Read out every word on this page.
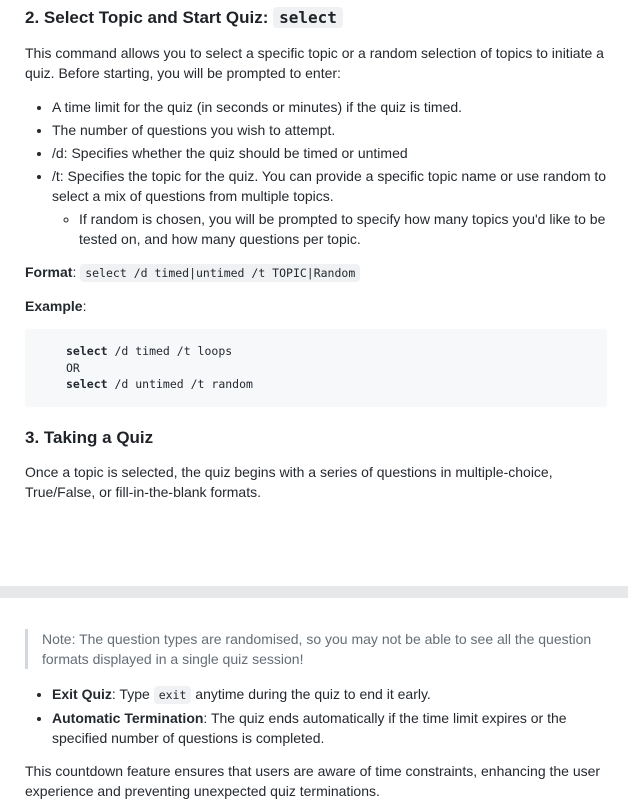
2. Select Topic and Start Quiz: select

This command allows you to select a specific topic or a random selection of topics to initiate a quiz. Before starting, you will be prompted to enter:

• A time limit for the quiz (in seconds or minutes) if the quiz is timed.
• The number of questions you wish to attempt.
• /d: Specifies whether the quiz should be timed or untimed
• /t: Specifies the topic for the quiz. You can provide a specific topic name or use random to select a mix of questions from multiple topics.
◦ If random is chosen, you will be prompted to specify how many topics you'd like to be tested on, and how many questions per topic.

Format: select /d timed|untimed /t TOPIC|Random

Example:

select /d timed /t loops
OR
select /d untimed /t random
3. Taking a Quiz

Once a topic is selected, the quiz begins with a series of questions in multiple-choice, True/False, or fill-in-the-blank formats.

Note: The question types are randomised, so you may not be able to see all the question formats displayed in a single quiz session!

• Exit Quiz: Type exit anytime during the quiz to end it early.
• Automatic Termination: The quiz ends automatically if the time limit expires or the specified number of questions is completed.

This countdown feature ensures that users are aware of time constraints, enhancing the user experience and preventing unexpected quiz terminations.
